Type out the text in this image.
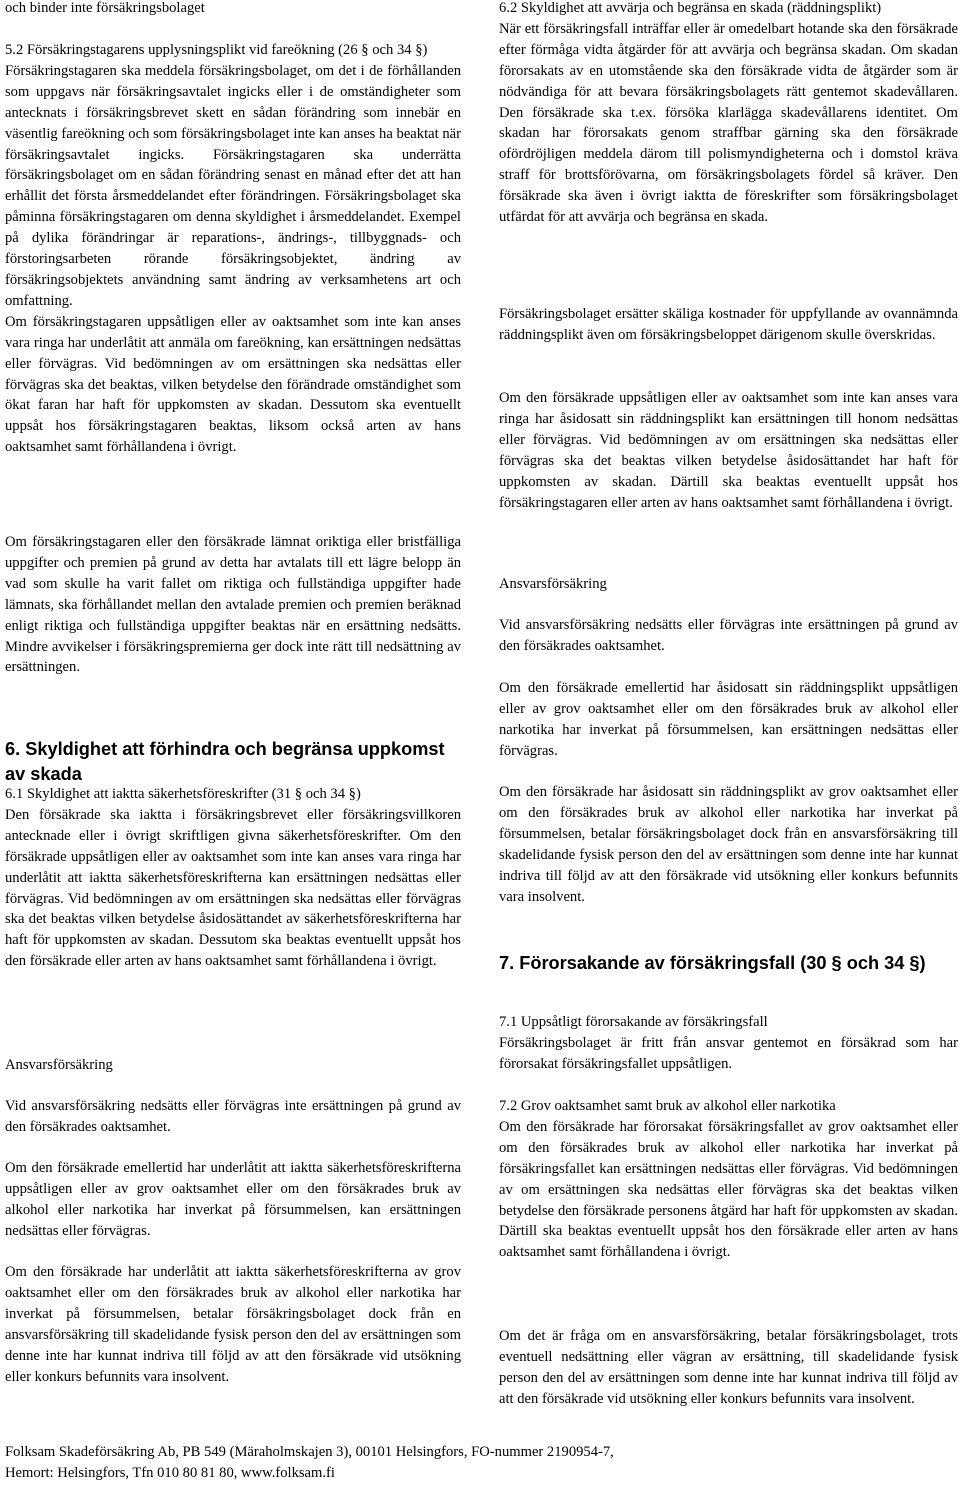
och binder inte försäkringsbolaget

5.2 Försäkringstagarens upplysningsplikt vid fareökning (26 § och 34 §)

Försäkringstagaren ska meddela försäkringsbolaget, om det i de förhållanden som uppgavs när försäkringsavtalet ingicks eller i de omständigheter som antecknats i försäkringsbrevet skett en sådan förändring som innebär en väsentlig fareökning och som försäkringsbolaget inte kan anses ha beaktat när försäkringsavtalet ingicks. Försäkringstagaren ska underrätta försäkringsbolaget om en sådan förändring senast en månad efter det att han erhållit det första årsmeddelandet efter förändringen. Försäkringsbolaget ska påminna försäkringstagaren om denna skyldighet i årsmeddelandet. Exempel på dylika förändringar är reparations-, ändrings-, tillbyggnads- och förstoringsarbeten rörande försäkringsobjektet, ändring av försäkringsobjektets användning samt ändring av verksamhetens art och omfattning.

Om försäkringstagaren uppsåtligen eller av oaktsamhet som inte kan anses vara ringa har underlåtit att anmäla om fareökning, kan ersättningen nedsättas eller förvägras. Vid bedömningen av om ersättningen ska nedsättas eller förvägras ska det beaktas, vilken betydelse den förändrade omständighet som ökat faran har haft för uppkomsten av skadan. Dessutom ska eventuellt uppsåt hos försäkringstagaren beaktas, liksom också arten av hans oaktsamhet samt förhållandena i övrigt.

Om försäkringstagaren eller den försäkrade lämnat oriktiga eller bristfälliga uppgifter och premien på grund av detta har avtalats till ett lägre belopp än vad som skulle ha varit fallet om riktiga och fullständiga uppgifter hade lämnats, ska förhållandet mellan den avtalade premien och premien beräknad enligt riktiga och fullständiga uppgifter beaktas när en ersättning nedsätts. Mindre avvikelser i försäkringspremierna ger dock inte rätt till nedsättning av ersättningen.

6. Skyldighet att förhindra och begränsa uppkomst av skada

6.1 Skyldighet att iaktta säkerhetsföreskrifter (31 § och 34 §)

Den försäkrade ska iaktta i försäkringsbrevet eller försäkringsvillkoren antecknade eller i övrigt skriftligen givna säkerhetsföreskrifter. Om den försäkrade uppsåtligen eller av oaktsamhet som inte kan anses vara ringa har underlåtit att iaktta säkerhetsföreskrifterna kan ersättningen nedsättas eller förvägras. Vid bedömningen av om ersättningen ska nedsättas eller förvägras ska det beaktas vilken betydelse åsidosättandet av säkerhetsföreskrifterna har haft för uppkomsten av skadan. Dessutom ska beaktas eventuellt uppsåt hos den försäkrade eller arten av hans oaktsamhet samt förhållandena i övrigt.

Ansvarsförsäkring

Vid ansvarsförsäkring nedsätts eller förvägras inte ersättningen på grund av den försäkrades oaktsamhet.

Om den försäkrade emellertid har underlåtit att iaktta säkerhetsföreskrifterna uppsåtligen eller av grov oaktsamhet eller om den försäkrades bruk av alkohol eller narkotika har inverkat på försummelsen, kan ersättningen nedsättas eller förvägras.

Om den försäkrade har underlåtit att iaktta säkerhetsföreskrifterna av grov oaktsamhet eller om den försäkrades bruk av alkohol eller narkotika har inverkat på försummelsen, betalar försäkringsbolaget dock från en ansvarsförsäkring till skadelidande fysisk person den del av ersättningen som denne inte har kunnat indriva till följd av att den försäkrade vid utsökning eller konkurs befunnits vara insolvent.

6.2 Skyldighet att avvärja och begränsa en skada (räddningsplikt)

När ett försäkringsfall inträffar eller är omedelbart hotande ska den försäkrade efter förmåga vidta åtgärder för att avvärja och begränsa skadan. Om skadan förorsakats av en utomstående ska den försäkrade vidta de åtgärder som är nödvändiga för att bevara försäkringsbolagets rätt gentemot skadevållaren. Den försäkrade ska t.ex. försöka klarlägga skadevållarens identitet. Om skadan har förorsakats genom straffbar gärning ska den försäkrade ofördröjligen meddela därom till polismyndigheterna och i domstol kräva straff för brottsförövarna, om försäkringsbolagets fördel så kräver. Den försäkrade ska även i övrigt iaktta de föreskrifter som försäkringsbolaget utfärdat för att avvärja och begränsa en skada.

Försäkringsbolaget ersätter skäliga kostnader för uppfyllande av ovannämnda räddningsplikt även om försäkringsbeloppet därigenom skulle överskridas.

Om den försäkrade uppsåtligen eller av oaktsamhet som inte kan anses vara ringa har åsidosatt sin räddningsplikt kan ersättningen till honom nedsättas eller förvägras. Vid bedömningen av om ersättningen ska nedsättas eller förvägras ska det beaktas vilken betydelse åsidosättandet har haft för uppkomsten av skadan. Därtill ska beaktas eventuellt uppsåt hos försäkringstagaren eller arten av hans oaktsamhet samt förhållandena i övrigt.

Ansvarsförsäkring

Vid ansvarsförsäkring nedsätts eller förvägras inte ersättningen på grund av den försäkrades oaktsamhet.

Om den försäkrade emellertid har åsidosatt sin räddningsplikt uppsåtligen eller av grov oaktsamhet eller om den försäkrades bruk av alkohol eller narkotika har inverkat på försummelsen, kan ersättningen nedsättas eller förvägras.

Om den försäkrade har åsidosatt sin räddningsplikt av grov oaktsamhet eller om den försäkrades bruk av alkohol eller narkotika har inverkat på försummelsen, betalar försäkringsbolaget dock från en ansvarsförsäkring till skadelidande fysisk person den del av ersättningen som denne inte har kunnat indriva till följd av att den försäkrade vid utsökning eller konkurs befunnits vara insolvent.

7. Förorsakande av försäkringsfall (30 § och 34 §)

7.1 Uppsåtligt förorsakande av försäkringsfall

Försäkringsbolaget är fritt från ansvar gentemot en försäkrad som har förorsakat försäkringsfallet uppsåtligen.

7.2 Grov oaktsamhet samt bruk av alkohol eller narkotika

Om den försäkrade har förorsakat försäkringsfallet av grov oaktsamhet eller om den försäkrades bruk av alkohol eller narkotika har inverkat på försäkringsfallet kan ersättningen nedsättas eller förvägras. Vid bedömningen av om ersättningen ska nedsättas eller förvägras ska det beaktas vilken betydelse den försäkrade personens åtgärd har haft för uppkomsten av skadan. Därtill ska beaktas eventuellt uppsåt hos den försäkrade eller arten av hans oaktsamhet samt förhållandena i övrigt.

Om det är fråga om en ansvarsförsäkring, betalar försäkringsbolaget, trots eventuell nedsättning eller vägran av ersättning, till skadelidande fysisk person den del av ersättningen som denne inte har kunnat indriva till följd av att den försäkrade vid utsökning eller konkurs befunnits vara insolvent.

Folksam Skadeförsäkring Ab, PB 549 (Märaholmskajen 3), 00101 Helsingfors, FO-nummer 2190954-7,
Hemort: Helsingfors, Tfn 010 80 81 80, www.folksam.fi
